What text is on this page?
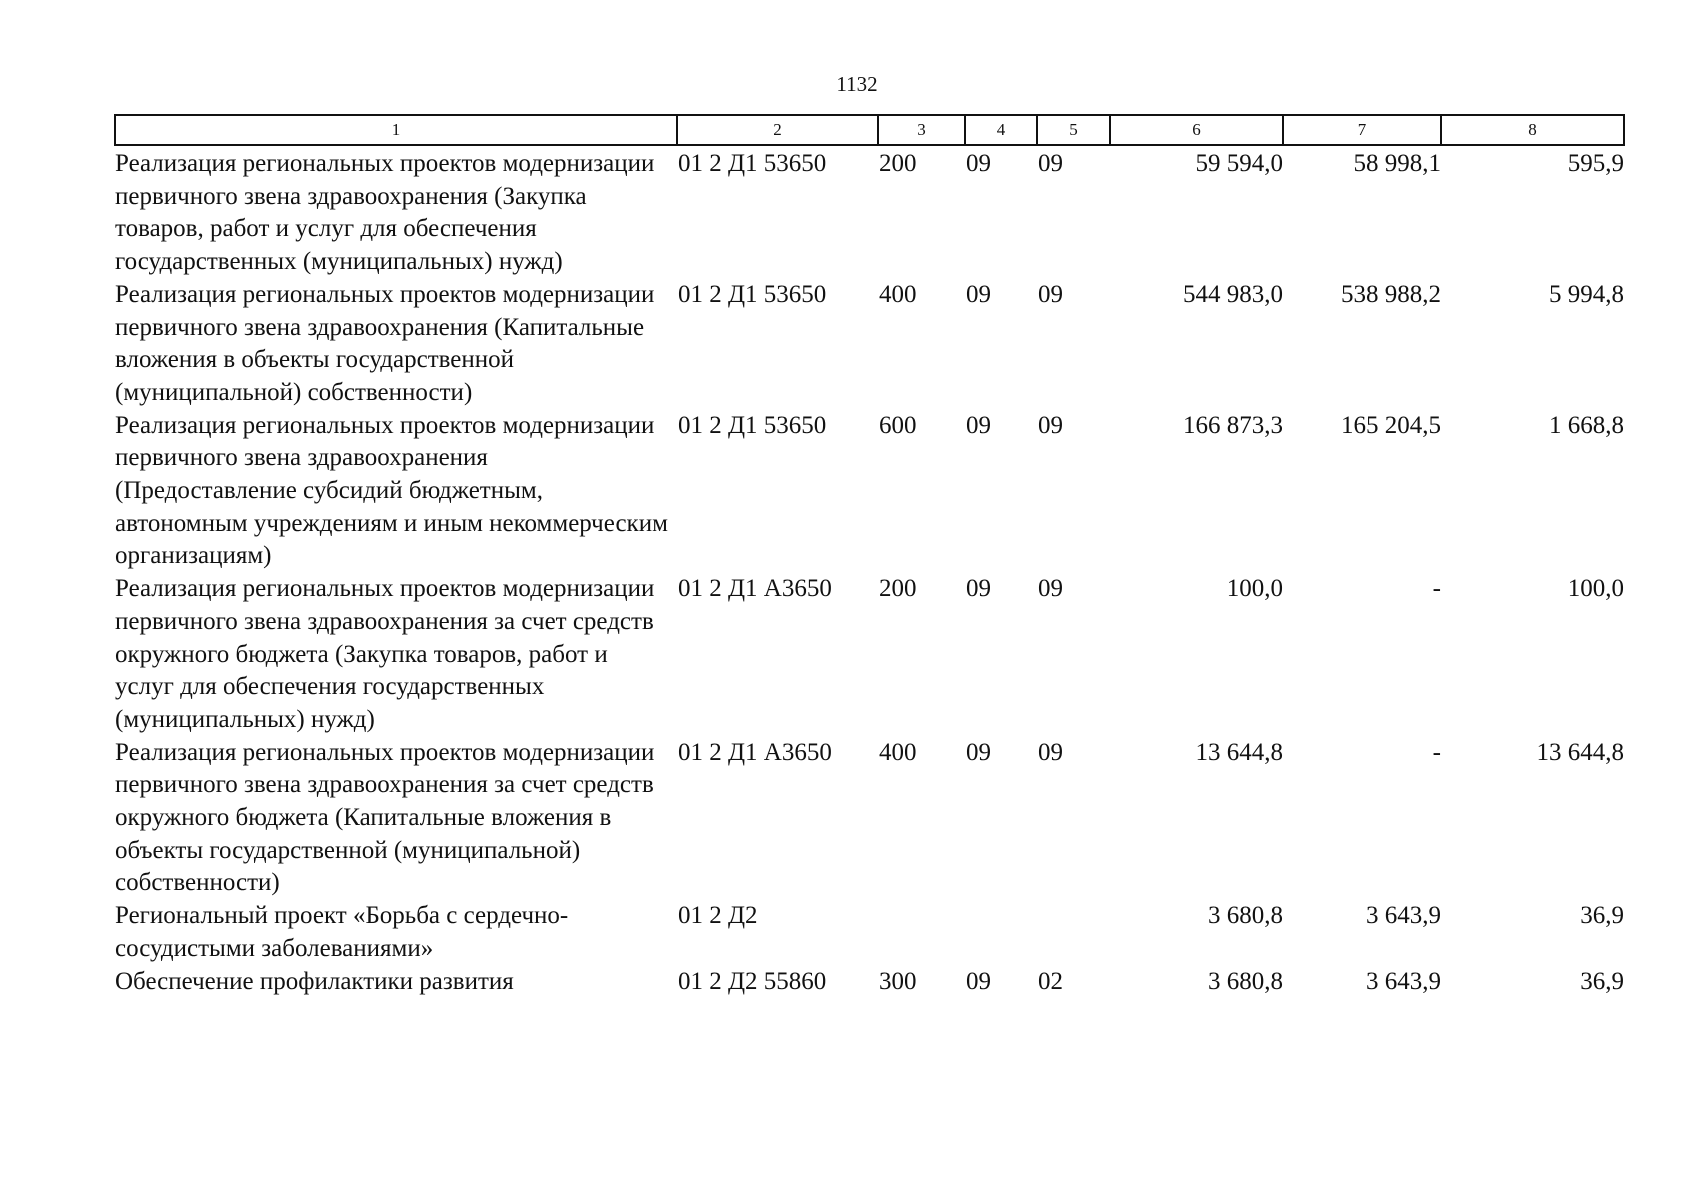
1132
1	2	3	4	5	6	7	8
Реализация региональных проектов модернизации первичного звена здравоохранения (Закупка товаров, работ и услуг для обеспечения государственных (муниципальных) нужд)	01 2 Д1 53650	200	09	09	59 594,0	58 998,1	595,9
Реализация региональных проектов модернизации первичного звена здравоохранения (Капитальные вложения в объекты государственной (муниципальной) собственности)	01 2 Д1 53650	400	09	09	544 983,0	538 988,2	5 994,8
Реализация региональных проектов модернизации первичного звена здравоохранения (Предоставление субсидий бюджетным, автономным учреждениям и иным некоммерческим организациям)	01 2 Д1 53650	600	09	09	166 873,3	165 204,5	1 668,8
Реализация региональных проектов модернизации первичного звена здравоохранения за счет средств окружного бюджета (Закупка товаров, работ и услуг для обеспечения государственных (муниципальных) нужд)	01 2 Д1 А3650	200	09	09	100,0	-	100,0
Реализация региональных проектов модернизации первичного звена здравоохранения за счет средств окружного бюджета (Капитальные вложения в объекты государственной (муниципальной) собственности)	01 2 Д1 А3650	400	09	09	13 644,8	-	13 644,8
Региональный проект «Борьба с сердечно-сосудистыми заболеваниями»	01 2 Д2				3 680,8	3 643,9	36,9
Обеспечение профилактики развития	01 2 Д2 55860	300	09	02	3 680,8	3 643,9	36,9
